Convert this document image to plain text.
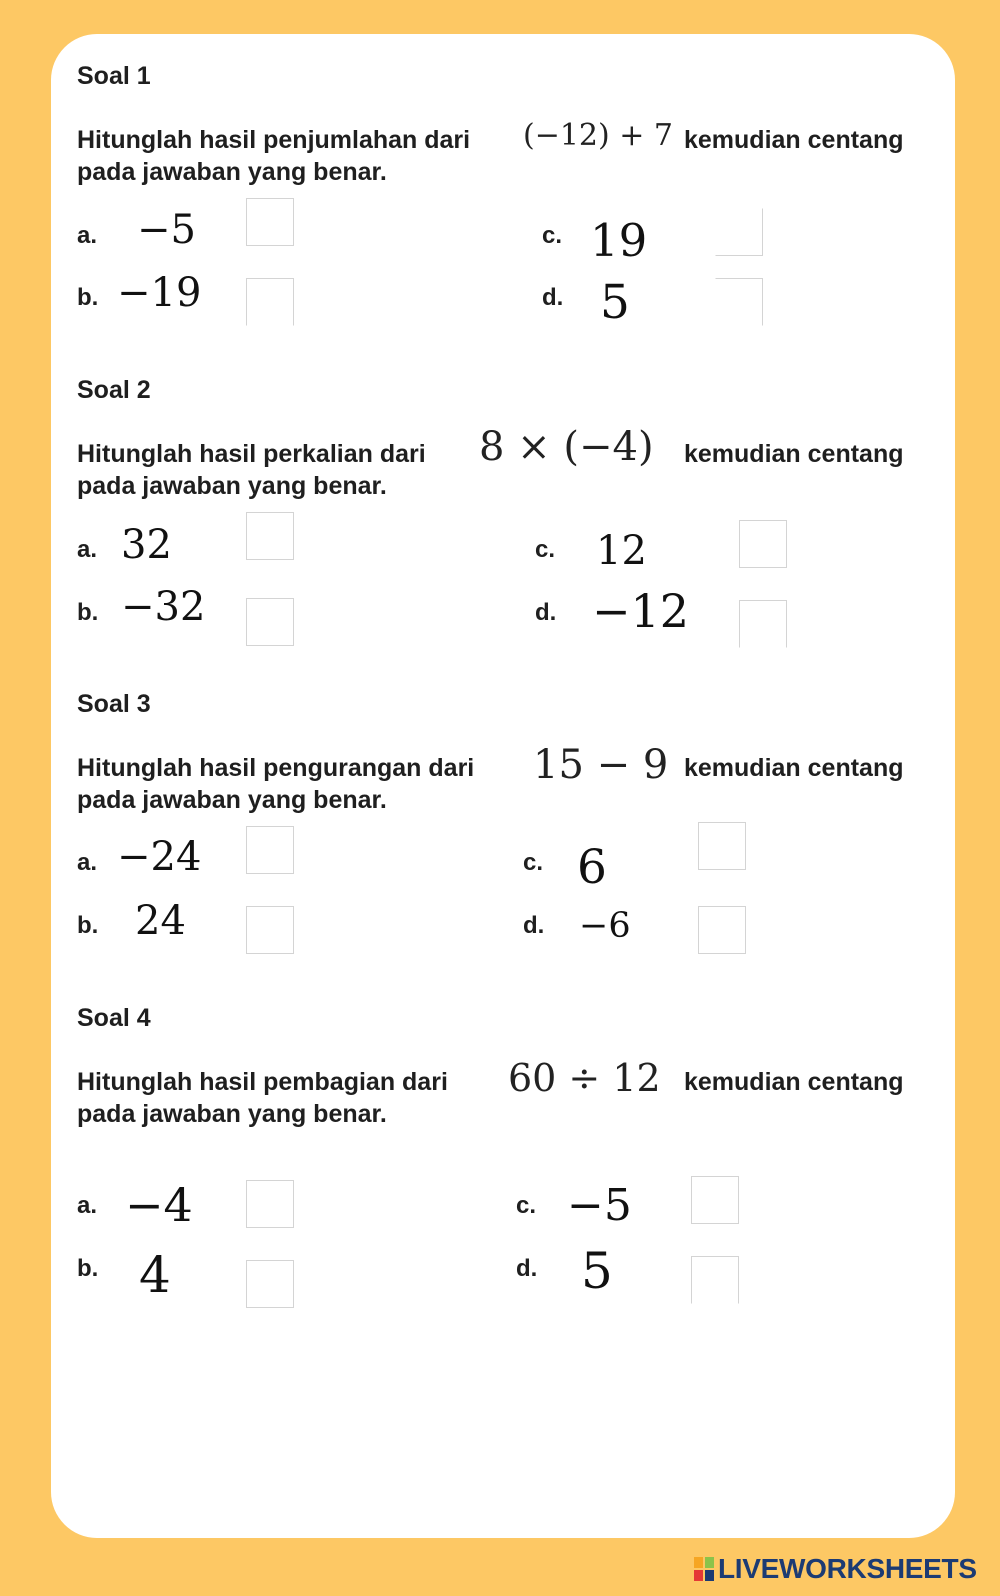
Soal 1
Hitunglah hasil penjumlahan dari (−12) + 7 kemudian centang
pada jawaban yang benar.
a. −5
b. −19
c. 19
d. 5
Soal 2
Hitunglah hasil perkalian dari 8 × (−4) kemudian centang
pada jawaban yang benar.
a. 32
b. −32
c. 12
d. −12
Soal 3
Hitunglah hasil pengurangan dari 15 − 9 kemudian centang
pada jawaban yang benar.
a. −24
b. 24
c. 6
d. −6
Soal 4
Hitunglah hasil pembagian dari 60 ÷ 12 kemudian centang
pada jawaban yang benar.
a. −4
b. 4
c. −5
d. 5
LIVEWORKSHEETS
